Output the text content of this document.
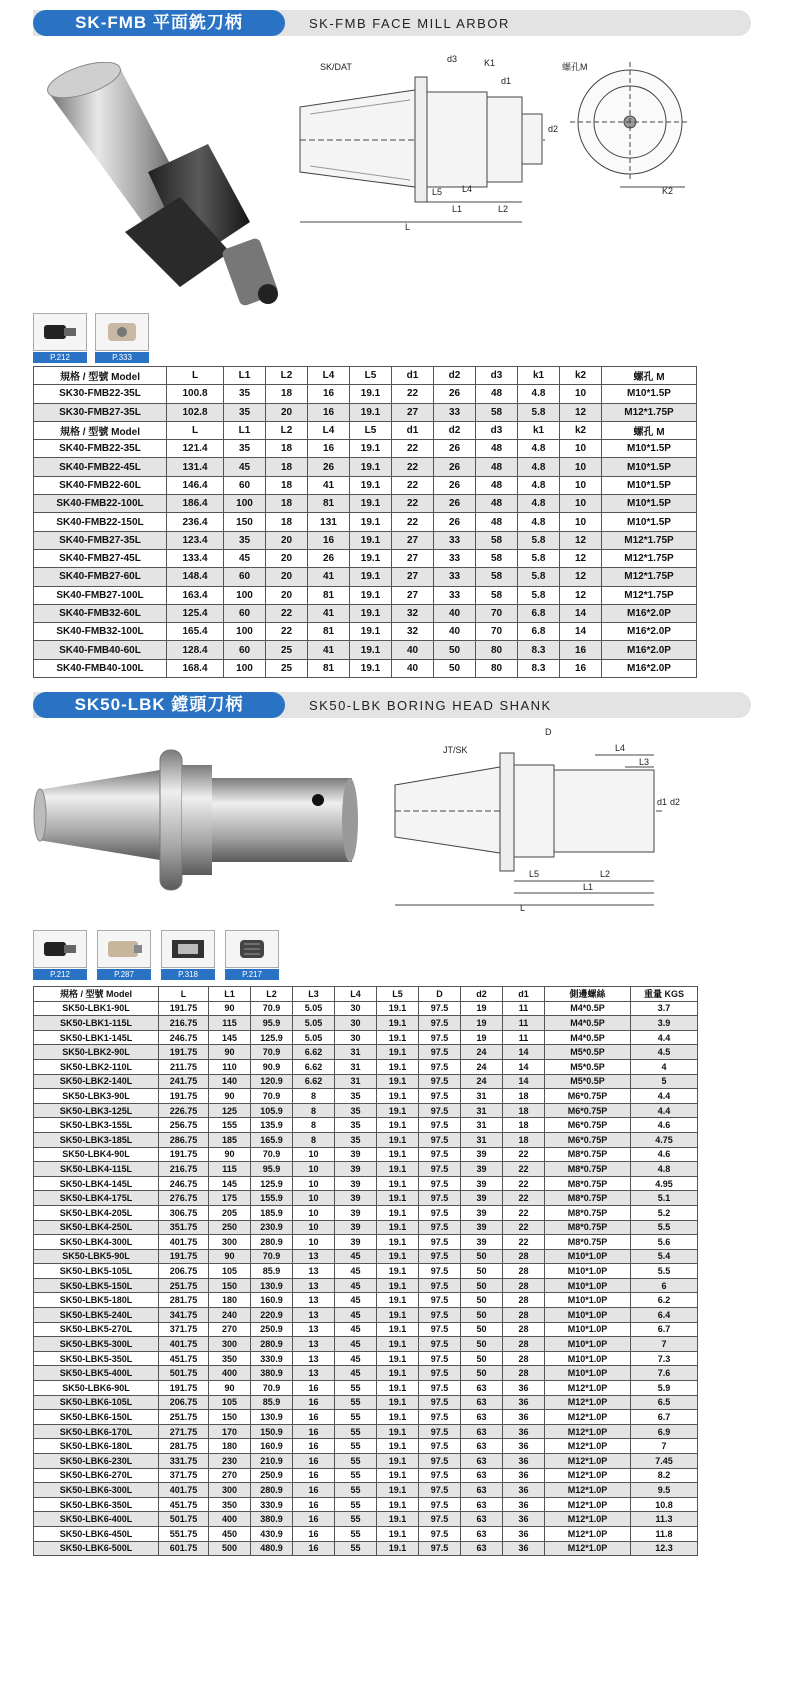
SK-FMB 平面銑刀柄	SK-FMB FACE MILL ARBOR
SK/DAT
d3	K1
d1
d2
L5 L4
L1	L2
L
螺孔M
K2
P.212	P.333
規格 / 型號 Model	L	L1	L2	L4	L5	d1	d2	d3	k1	k2	螺孔 M
SK30-FMB22-35L	100.8	35	18	16	19.1	22	26	48	4.8	10	M10*1.5P
SK30-FMB27-35L	102.8	35	20	16	19.1	27	33	58	5.8	12	M12*1.75P
規格 / 型號 Model	L	L1	L2	L4	L5	d1	d2	d3	k1	k2	螺孔 M
SK40-FMB22-35L	121.4	35	18	16	19.1	22	26	48	4.8	10	M10*1.5P
SK40-FMB22-45L	131.4	45	18	26	19.1	22	26	48	4.8	10	M10*1.5P
SK40-FMB22-60L	146.4	60	18	41	19.1	22	26	48	4.8	10	M10*1.5P
SK40-FMB22-100L	186.4	100	18	81	19.1	22	26	48	4.8	10	M10*1.5P
SK40-FMB22-150L	236.4	150	18	131	19.1	22	26	48	4.8	10	M10*1.5P
SK40-FMB27-35L	123.4	35	20	16	19.1	27	33	58	5.8	12	M12*1.75P
SK40-FMB27-45L	133.4	45	20	26	19.1	27	33	58	5.8	12	M12*1.75P
SK40-FMB27-60L	148.4	60	20	41	19.1	27	33	58	5.8	12	M12*1.75P
SK40-FMB27-100L	163.4	100	20	81	19.1	27	33	58	5.8	12	M12*1.75P
SK40-FMB32-60L	125.4	60	22	41	19.1	32	40	70	6.8	14	M16*2.0P
SK40-FMB32-100L	165.4	100	22	81	19.1	32	40	70	6.8	14	M16*2.0P
SK40-FMB40-60L	128.4	60	25	41	19.1	40	50	80	8.3	16	M16*2.0P
SK40-FMB40-100L	168.4	100	25	81	19.1	40	50	80	8.3	16	M16*2.0P
SK50-LBK 鏜頭刀柄	SK50-LBK BORING HEAD SHANK
JT/SK
D
L4
L3
d1 d2
L5	L2
L1
L
P.212	P.287	P.318	P.217
規格 / 型號 Model	L	L1	L2	L3	L4	L5	D	d2	d1	側邊螺絲	重量 KGS
SK50-LBK1-90L	191.75	90	70.9	5.05	30	19.1	97.5	19	11	M4*0.5P	3.7
SK50-LBK1-115L	216.75	115	95.9	5.05	30	19.1	97.5	19	11	M4*0.5P	3.9
SK50-LBK1-145L	246.75	145	125.9	5.05	30	19.1	97.5	19	11	M4*0.5P	4.4
SK50-LBK2-90L	191.75	90	70.9	6.62	31	19.1	97.5	24	14	M5*0.5P	4.5
SK50-LBK2-110L	211.75	110	90.9	6.62	31	19.1	97.5	24	14	M5*0.5P	4
SK50-LBK2-140L	241.75	140	120.9	6.62	31	19.1	97.5	24	14	M5*0.5P	5
SK50-LBK3-90L	191.75	90	70.9	8	35	19.1	97.5	31	18	M6*0.75P	4.4
SK50-LBK3-125L	226.75	125	105.9	8	35	19.1	97.5	31	18	M6*0.75P	4.4
SK50-LBK3-155L	256.75	155	135.9	8	35	19.1	97.5	31	18	M6*0.75P	4.6
SK50-LBK3-185L	286.75	185	165.9	8	35	19.1	97.5	31	18	M6*0.75P	4.75
SK50-LBK4-90L	191.75	90	70.9	10	39	19.1	97.5	39	22	M8*0.75P	4.6
SK50-LBK4-115L	216.75	115	95.9	10	39	19.1	97.5	39	22	M8*0.75P	4.8
SK50-LBK4-145L	246.75	145	125.9	10	39	19.1	97.5	39	22	M8*0.75P	4.95
SK50-LBK4-175L	276.75	175	155.9	10	39	19.1	97.5	39	22	M8*0.75P	5.1
SK50-LBK4-205L	306.75	205	185.9	10	39	19.1	97.5	39	22	M8*0.75P	5.2
SK50-LBK4-250L	351.75	250	230.9	10	39	19.1	97.5	39	22	M8*0.75P	5.5
SK50-LBK4-300L	401.75	300	280.9	10	39	19.1	97.5	39	22	M8*0.75P	5.6
SK50-LBK5-90L	191.75	90	70.9	13	45	19.1	97.5	50	28	M10*1.0P	5.4
SK50-LBK5-105L	206.75	105	85.9	13	45	19.1	97.5	50	28	M10*1.0P	5.5
SK50-LBK5-150L	251.75	150	130.9	13	45	19.1	97.5	50	28	M10*1.0P	6
SK50-LBK5-180L	281.75	180	160.9	13	45	19.1	97.5	50	28	M10*1.0P	6.2
SK50-LBK5-240L	341.75	240	220.9	13	45	19.1	97.5	50	28	M10*1.0P	6.4
SK50-LBK5-270L	371.75	270	250.9	13	45	19.1	97.5	50	28	M10*1.0P	6.7
SK50-LBK5-300L	401.75	300	280.9	13	45	19.1	97.5	50	28	M10*1.0P	7
SK50-LBK5-350L	451.75	350	330.9	13	45	19.1	97.5	50	28	M10*1.0P	7.3
SK50-LBK5-400L	501.75	400	380.9	13	45	19.1	97.5	50	28	M10*1.0P	7.6
SK50-LBK6-90L	191.75	90	70.9	16	55	19.1	97.5	63	36	M12*1.0P	5.9
SK50-LBK6-105L	206.75	105	85.9	16	55	19.1	97.5	63	36	M12*1.0P	6.5
SK50-LBK6-150L	251.75	150	130.9	16	55	19.1	97.5	63	36	M12*1.0P	6.7
SK50-LBK6-170L	271.75	170	150.9	16	55	19.1	97.5	63	36	M12*1.0P	6.9
SK50-LBK6-180L	281.75	180	160.9	16	55	19.1	97.5	63	36	M12*1.0P	7
SK50-LBK6-230L	331.75	230	210.9	16	55	19.1	97.5	63	36	M12*1.0P	7.45
SK50-LBK6-270L	371.75	270	250.9	16	55	19.1	97.5	63	36	M12*1.0P	8.2
SK50-LBK6-300L	401.75	300	280.9	16	55	19.1	97.5	63	36	M12*1.0P	9.5
SK50-LBK6-350L	451.75	350	330.9	16	55	19.1	97.5	63	36	M12*1.0P	10.8
SK50-LBK6-400L	501.75	400	380.9	16	55	19.1	97.5	63	36	M12*1.0P	11.3
SK50-LBK6-450L	551.75	450	430.9	16	55	19.1	97.5	63	36	M12*1.0P	11.8
SK50-LBK6-500L	601.75	500	480.9	16	55	19.1	97.5	63	36	M12*1.0P	12.3
